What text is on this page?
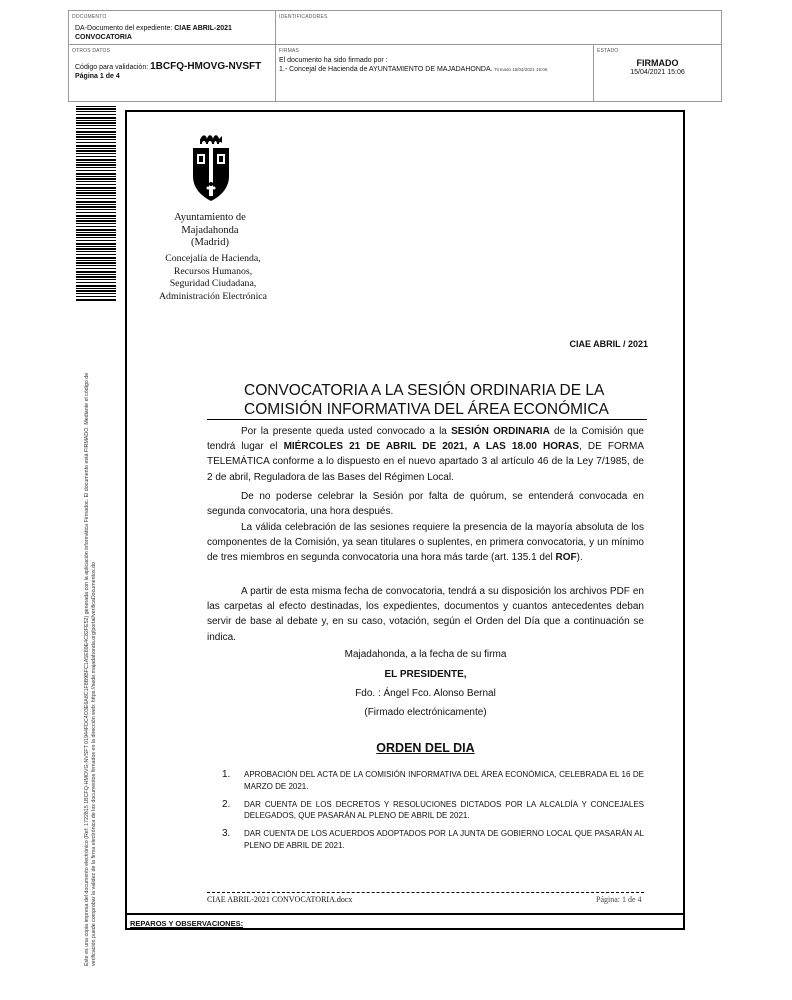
DOCUMENTO
DA-Documento del expediente: CIAE ABRIL-2021 CONVOCATORIA
IDENTIFICADORES
OTROS DATOS
Código para validación: 1BCFQ-HMOVG-NVSFT
Página 1 de 4
FIRMAS
El documento ha sido firmado por :
1.- Concejal de Hacienda de AYUNTAMIENTO DE MAJADAHONDA. Firmado 15/04/2021 15:06
ESTADO
FIRMADO
15/04/2021 15:06
Este es una copia impresa del documento electrónico (Ref: 1722815 1BCFQ-HMOVG-NVSFT 01944FDC4O3E6A8C1F8B9BFC1A5E89E4C82FE52) generada con la aplicación informática Firmadoc. El documento está FIRMADO. Mediante el código de verificación puede comprobar la validez de la firma electrónica de los documentos firmados en la dirección web: https://sede.majadahonda.org/portal/verificaDocumentos.do
Ayuntamiento de
Majadahonda
(Madrid)
Concejalía de Hacienda,
Recursos Humanos,
Seguridad Ciudadana,
Administración Electrónica
CIAE ABRIL / 2021
CONVOCATORIA A LA SESIÓN ORDINARIA DE LA
COMISIÓN INFORMATIVA DEL ÁREA ECONÓMICA
Por la presente queda usted convocado a la SESIÓN ORDINARIA de la Comisión que tendrá lugar el MIÉRCOLES 21 DE ABRIL DE 2021, A LAS 18.00 HORAS, DE FORMA TELEMÁTICA conforme a lo dispuesto en el nuevo apartado 3 al artículo 46 de la Ley 7/1985, de 2 de abril, Reguladora de las Bases del Régimen Local.
De no poderse celebrar la Sesión por falta de quórum, se entenderá convocada en segunda convocatoria, una hora después.
La válida celebración de las sesiones requiere la presencia de la mayoría absoluta de los componentes de la Comisión, ya sean titulares o suplentes, en primera convocatoria, y un mínimo de tres miembros en segunda convocatoria una hora más tarde (art. 135.1 del ROF).
A partir de esta misma fecha de convocatoria, tendrá a su disposición los archivos PDF en las carpetas al efecto destinadas, los expedientes, documentos y cuantos antecedentes deban servir de base al debate y, en su caso, votación, según el Orden del Día que a continuación se indica.
Majadahonda, a la fecha de su firma
EL PRESIDENTE,
Fdo. : Ángel Fco. Alonso Bernal
(Firmado electrónicamente)
ORDEN DEL DIA
1. APROBACIÓN DEL ACTA DE LA COMISIÓN INFORMATIVA DEL ÁREA ECONÓMICA, CELEBRADA EL 16 DE MARZO DE 2021.
2. DAR CUENTA DE LOS DECRETOS Y RESOLUCIONES DICTADOS POR LA ALCALDÍA Y CONCEJALES DELEGADOS, QUE PASARÁN AL PLENO DE ABRIL DE 2021.
3. DAR CUENTA DE LOS ACUERDOS ADOPTADOS POR LA JUNTA DE GOBIERNO LOCAL QUE PASARÁN AL PLENO DE ABRIL DE 2021.
CIAE ABRIL-2021 CONVOCATORIA.docx	Página: 1 de 4
REPAROS Y OBSERVACIONES:
